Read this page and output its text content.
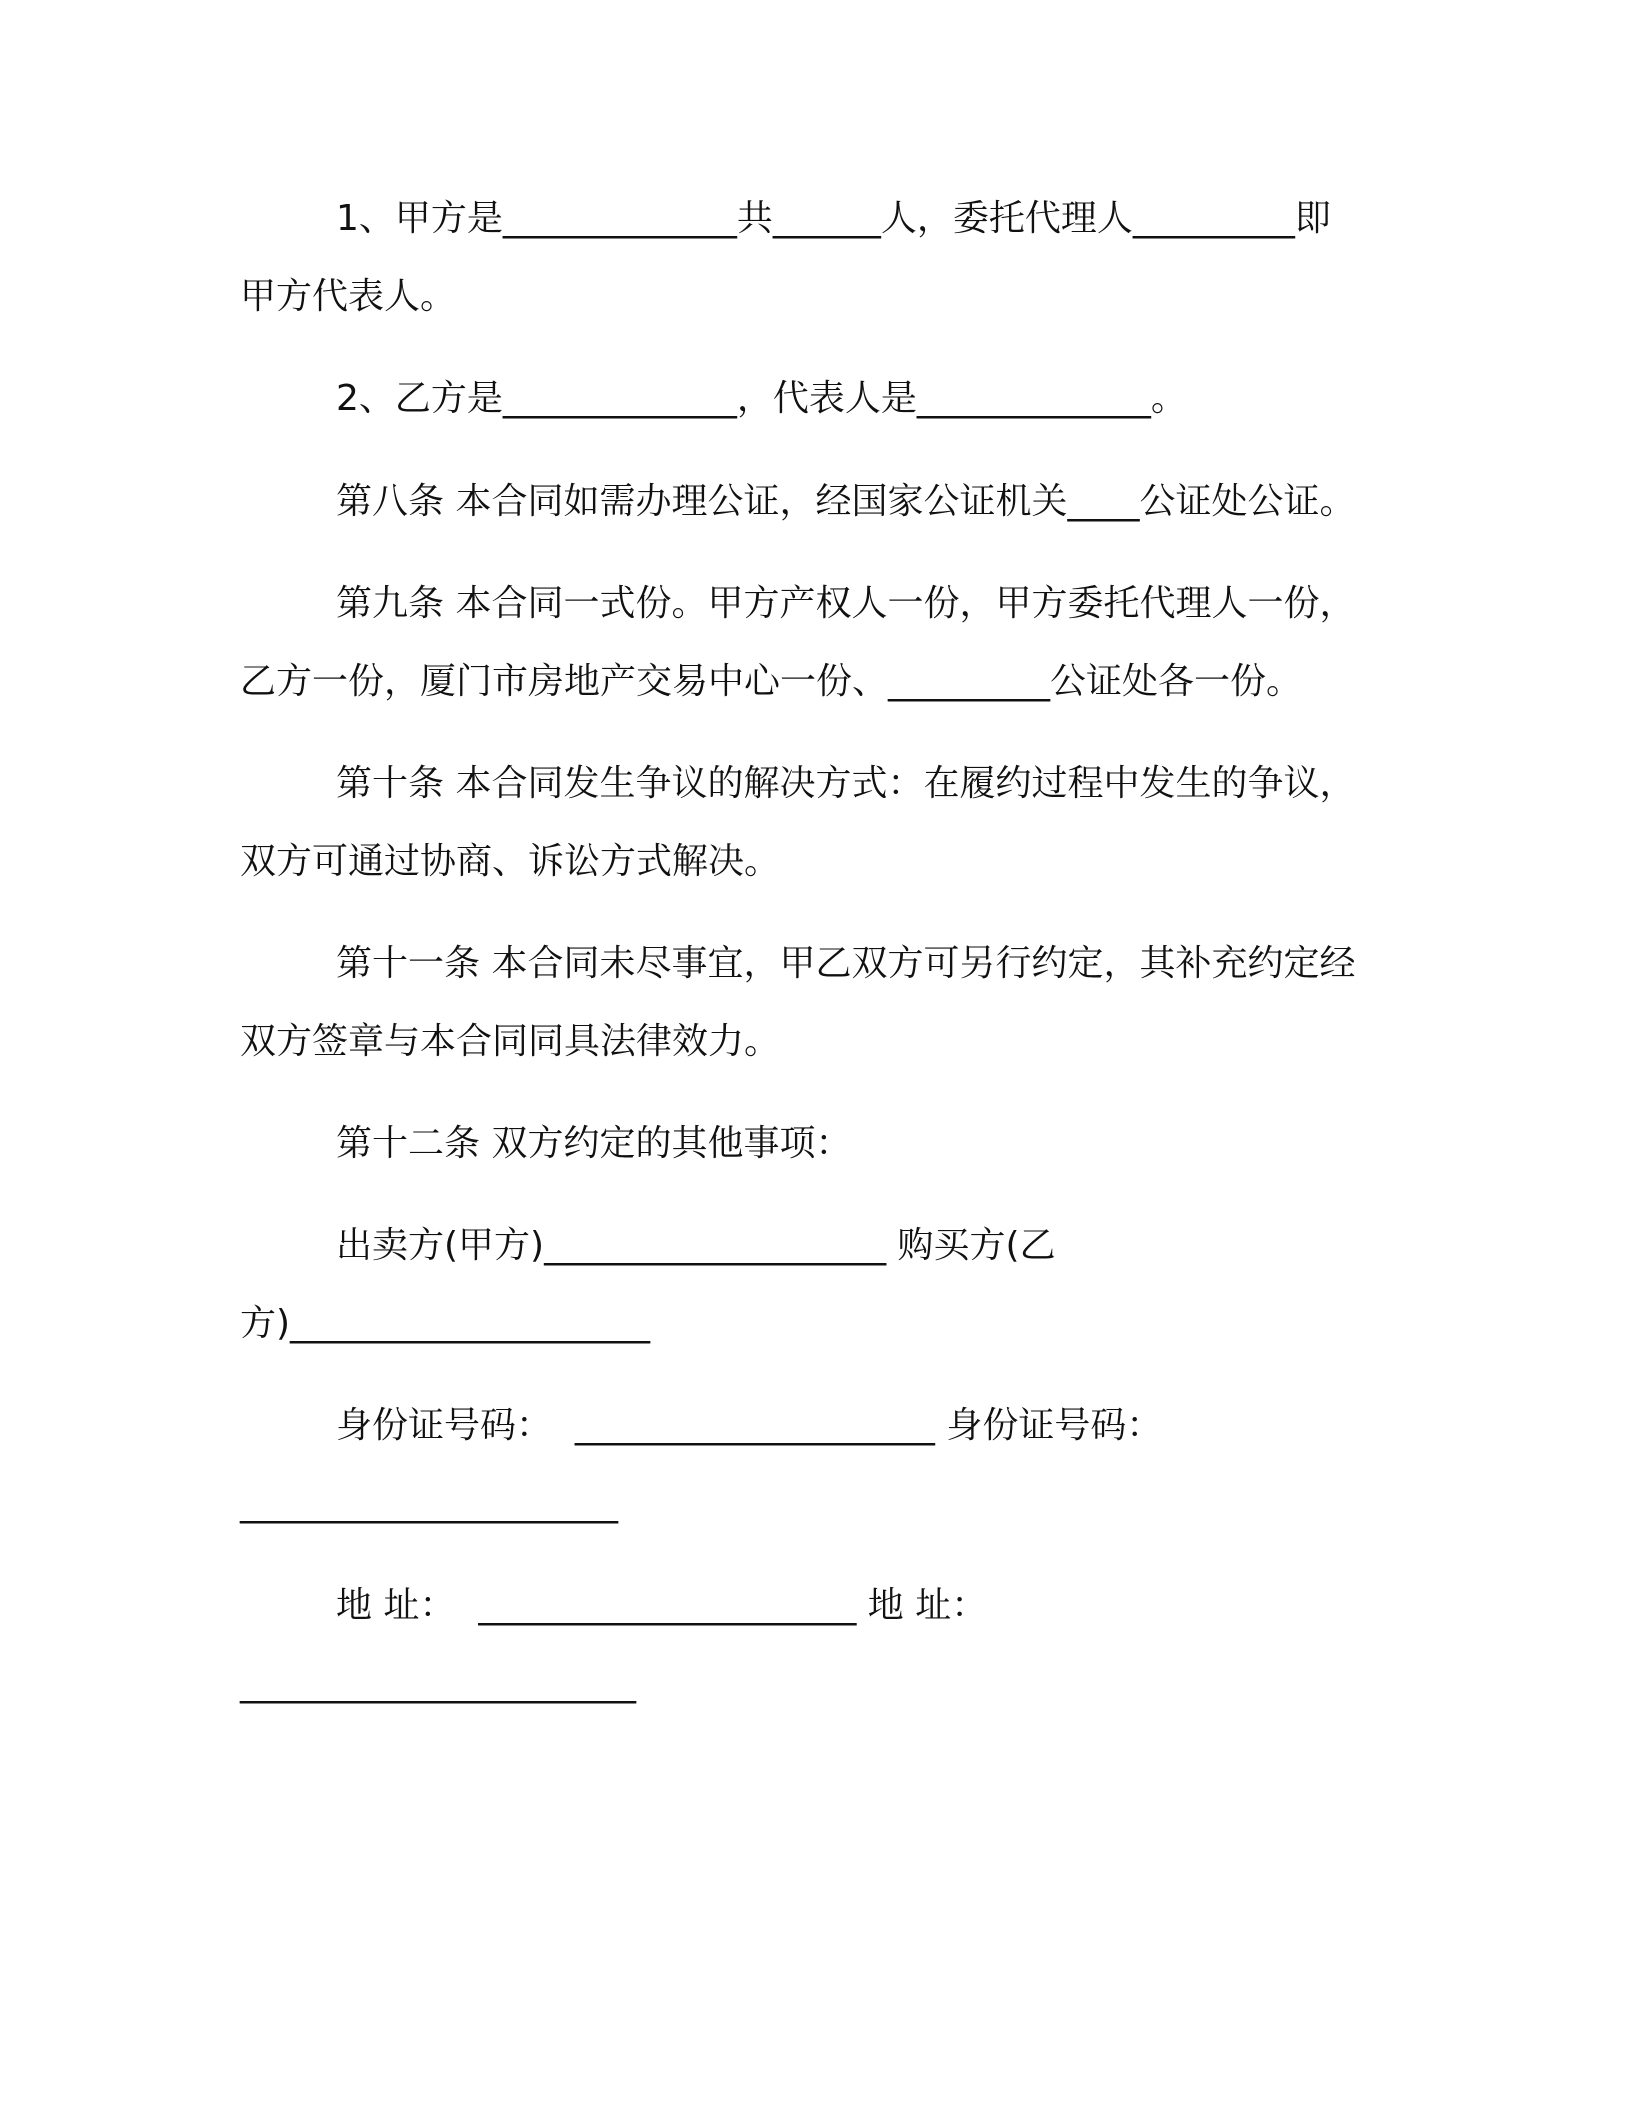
1、甲方是_____________共______人，委托代理人_________即
甲方代表人。
2、乙方是_____________，代表人是_____________。
第八条 本合同如需办理公证，经国家公证机关____公证处公证。
第九条 本合同一式份。甲方产权人一份，甲方委托代理人一份，
乙方一份，厦门市房地产交易中心一份、_________公证处各一份。
第十条 本合同发生争议的解决方式：在履约过程中发生的争议，
双方可通过协商、诉讼方式解决。
第十一条 本合同未尽事宜，甲乙双方可另行约定，其补充约定经
双方签章与本合同同具法律效力。
第十二条 双方约定的其他事项：
出卖方(甲方)___________________ 购买方(乙
方)____________________
身份证号码：  ____________________ 身份证号码：
_____________________
地 址：  _____________________ 地 址：
______________________
